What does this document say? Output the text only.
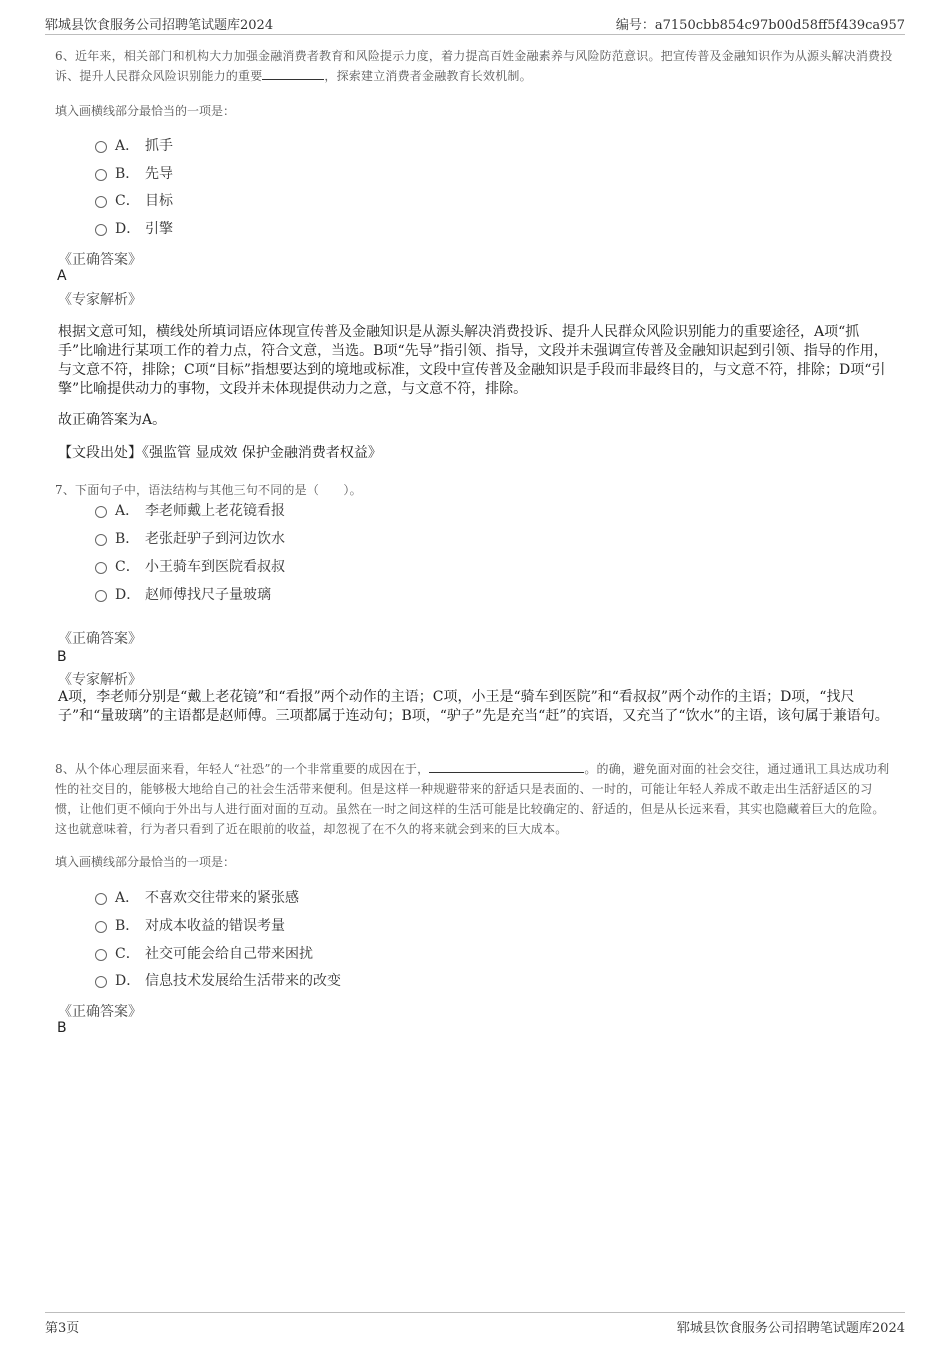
郓城县饮食服务公司招聘笔试题库2024	编号：a7150cbb854c97b00d58ff5f439ca957
6、近年来，相关部门和机构大力加强金融消费者教育和风险提示力度，着力提高百姓金融素养与风险防范意识。把宣传普及金融知识作为从源头解决消费投诉、提升人民群众风险识别能力的重要	，探索建立消费者金融教育长效机制。
填入画横线部分最恰当的一项是：
A． 抓手
B． 先导
C． 目标
D． 引擎
《正确答案》
A
《专家解析》
根据文意可知，横线处所填词语应体现宣传普及金融知识是从源头解决消费投诉、提升人民群众风险识别能力的重要途径，A项“抓手”比喻进行某项工作的着力点，符合文意，当选。B项“先导”指引领、指导，文段并未强调宣传普及金融知识起到引领、指导的作用，与文意不符，排除；C项“目标”指想要达到的境地或标准，文段中宣传普及金融知识是手段而非最终目的，与文意不符，排除；D项“引擎”比喻提供动力的事物，文段并未体现提供动力之意，与文意不符，排除。
故正确答案为A。
【文段出处】《强监管 显成效 保护金融消费者权益》
7、下面句子中，语法结构与其他三句不同的是（　　）。
A． 李老师戴上老花镜看报
B． 老张赶驴子到河边饮水
C． 小王骑车到医院看叔叔
D． 赵师傅找尺子量玻璃
《正确答案》
B
《专家解析》
A项，李老师分别是“戴上老花镜”和“看报”两个动作的主语；C项，小王是“骑车到医院”和“看叔叔”两个动作的主语；D项，“找尺子”和“量玻璃”的主语都是赵师傅。三项都属于连动句；B项，“驴子”先是充当“赶”的宾语，又充当了“饮水”的主语，该句属于兼语句。
8、从个体心理层面来看，年轻人“社恐”的一个非常重要的成因在于，	。的确，避免面对面的社会交往，通过通讯工具达成功利性的社交目的，能够极大地给自己的社会生活带来便利。但是这样一种规避带来的舒适只是表面的、一时的，可能让年轻人养成不敢走出生活舒适区的习惯，让他们更不倾向于外出与人进行面对面的互动。虽然在一时之间这样的生活可能是比较确定的、舒适的，但是从长远来看，其实也隐藏着巨大的危险。这也就意味着，行为者只看到了近在眼前的收益，却忽视了在不久的将来就会到来的巨大成本。
填入画横线部分最恰当的一项是：
A． 不喜欢交往带来的紧张感
B． 对成本收益的错误考量
C． 社交可能会给自己带来困扰
D． 信息技术发展给生活带来的改变
《正确答案》
B
第3页	郓城县饮食服务公司招聘笔试题库2024
